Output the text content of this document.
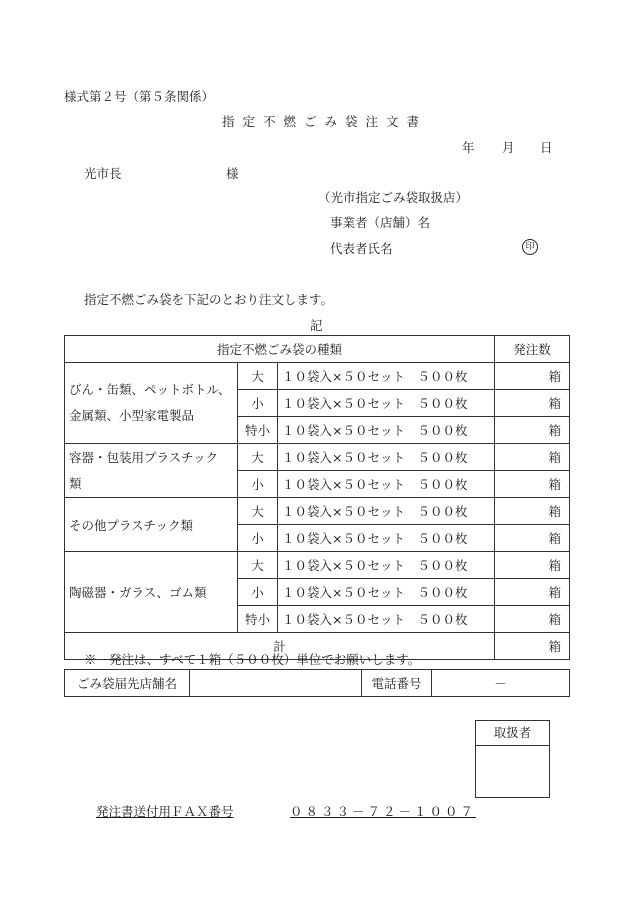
様式第２号（第５条関係）
指定不燃ごみ袋注文書
年 月 日
光市長	様
（光市指定ごみ袋取扱店）
事業者（店舗）名
代表者氏名	印
指定不燃ごみ袋を下記のとおり注文します。
記
指定不燃ごみ袋の種類			発注数
びん・缶類、ペットボトル、
金属類、小型家電製品	大	１０袋入×５０セット　５００枚	箱
	小	１０袋入×５０セット　５００枚	箱
	特小	１０袋入×５０セット　５００枚	箱
容器・包装用プラスチック
類	大	１０袋入×５０セット　５００枚	箱
	小	１０袋入×５０セット　５００枚	箱
その他プラスチック類	大	１０袋入×５０セット　５００枚	箱
	小	１０袋入×５０セット　５００枚	箱
陶磁器・ガラス、ゴム類	大	１０袋入×５０セット　５００枚	箱
	小	１０袋入×５０セット　５００枚	箱
	特小	１０袋入×５０セット　５００枚	箱
計			箱
※　発注は、すべて１箱（５００枚）単位でお願いします。
ごみ袋届先店舗名		電話番号	－
取扱者
発注書送付用ＦＡＸ番号	０８３３－７２－１００７
